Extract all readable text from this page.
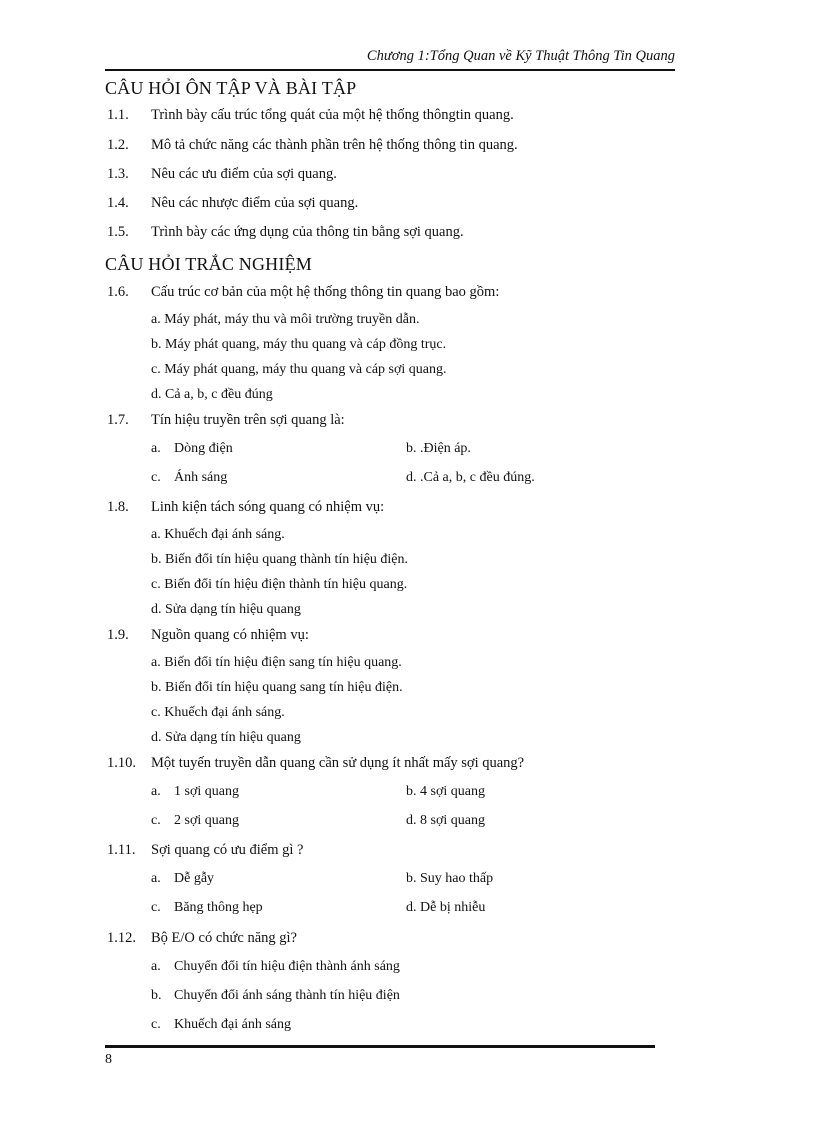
Chương 1:Tổng Quan về Kỹ Thuật Thông Tin Quang
CÂU HỎI ÔN TẬP VÀ BÀI TẬP
1.1. Trình bày cấu trúc tổng quát của một hệ thống thôngtin quang.
1.2. Mô tả chức năng các thành phần trên hệ thống thông tin quang.
1.3. Nêu các ưu điểm của sợi quang.
1.4. Nêu các nhược điểm của sợi quang.
1.5. Trình bày các ứng dụng của thông tin bằng sợi quang.
CÂU HỎI TRẮC NGHIỆM
1.6. Cấu trúc cơ bản của một hệ thống thông tin quang bao gồm:
a. Máy phát, máy thu và môi trường truyền dẫn.
b. Máy phát quang, máy thu quang và cáp đồng trục.
c. Máy phát quang, máy thu quang và cáp sợi quang.
d. Cả a, b, c đều đúng
1.7. Tín hiệu truyền trên sợi quang là:
a. Dòng điện	b. .Điện áp.
c. Ánh sáng	d. .Cả a, b, c đều đúng.
1.8. Linh kiện tách sóng quang có nhiệm vụ:
a. Khuếch đại ánh sáng.
b. Biến đổi tín hiệu quang thành tín hiệu điện.
c. Biến đổi tín hiệu điện thành tín hiệu quang.
d. Sửa dạng tín hiệu quang
1.9. Nguồn quang có nhiệm vụ:
a. Biến đổi tín hiệu điện sang tín hiệu quang.
b. Biến đổi tín hiệu quang sang tín hiệu điện.
c. Khuếch đại ánh sáng.
d. Sửa dạng tín hiệu quang
1.10. Một tuyến truyền dẫn quang cần sử dụng ít nhất mấy sợi quang?
a. 1 sợi quang	b. 4 sợi quang
c. 2 sợi quang	d. 8 sợi quang
1.11. Sợi quang có ưu điểm gì ?
a. Dễ gẫy	b. Suy hao thấp
c. Băng thông hẹp	d. Dễ bị nhiễu
1.12. Bộ E/O có chức năng gì?
a. Chuyển đổi tín hiệu điện thành ánh sáng
b. Chuyển đổi ánh sáng thành tín hiệu điện
c. Khuếch đại ánh sáng
8
